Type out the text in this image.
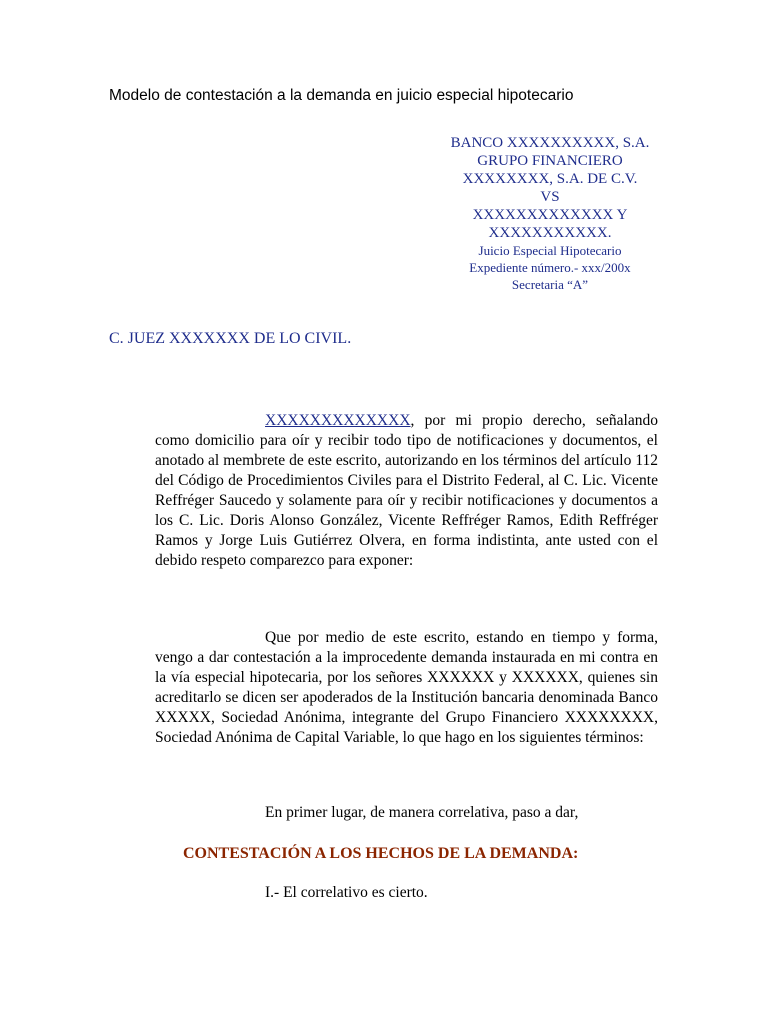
Modelo de contestación a la demanda en juicio especial hipotecario
BANCO XXXXXXXXXX, S.A.
GRUPO FINANCIERO
XXXXXXXX, S.A. DE C.V.
VS
XXXXXXXXXXXXX Y
XXXXXXXXXXX.
Juicio Especial Hipotecario
Expediente número.- xxx/200x
Secretaria “A”
C. JUEZ XXXXXXX DE LO CIVIL.

XXXXXXXXXXXXX, por mi propio derecho, señalando como domicilio para oír y recibir todo tipo de notificaciones y documentos, el anotado al membrete de este escrito, autorizando en los términos del artículo 112 del Código de Procedimientos Civiles para el Distrito Federal, al C. Lic. Vicente Reffréger Saucedo y solamente para oír y recibir notificaciones y documentos a los C. Lic. Doris Alonso González, Vicente Reffréger Ramos, Edith Reffréger Ramos y Jorge Luis Gutiérrez Olvera, en forma indistinta, ante usted con el debido respeto comparezco para exponer:

Que por medio de este escrito, estando en tiempo y forma, vengo a dar contestación a la improcedente demanda instaurada en mi contra en la vía especial hipotecaria, por los señores XXXXXX y XXXXXX, quienes sin acreditarlo se dicen ser apoderados de la Institución bancaria denominada Banco XXXXX, Sociedad Anónima, integrante del Grupo Financiero XXXXXXXX, Sociedad Anónima de Capital Variable, lo que hago en los siguientes términos:

En primer lugar, de manera correlativa, paso a dar,
CONTESTACIÓN A LOS HECHOS DE LA DEMANDA:
I.- El correlativo es cierto.
